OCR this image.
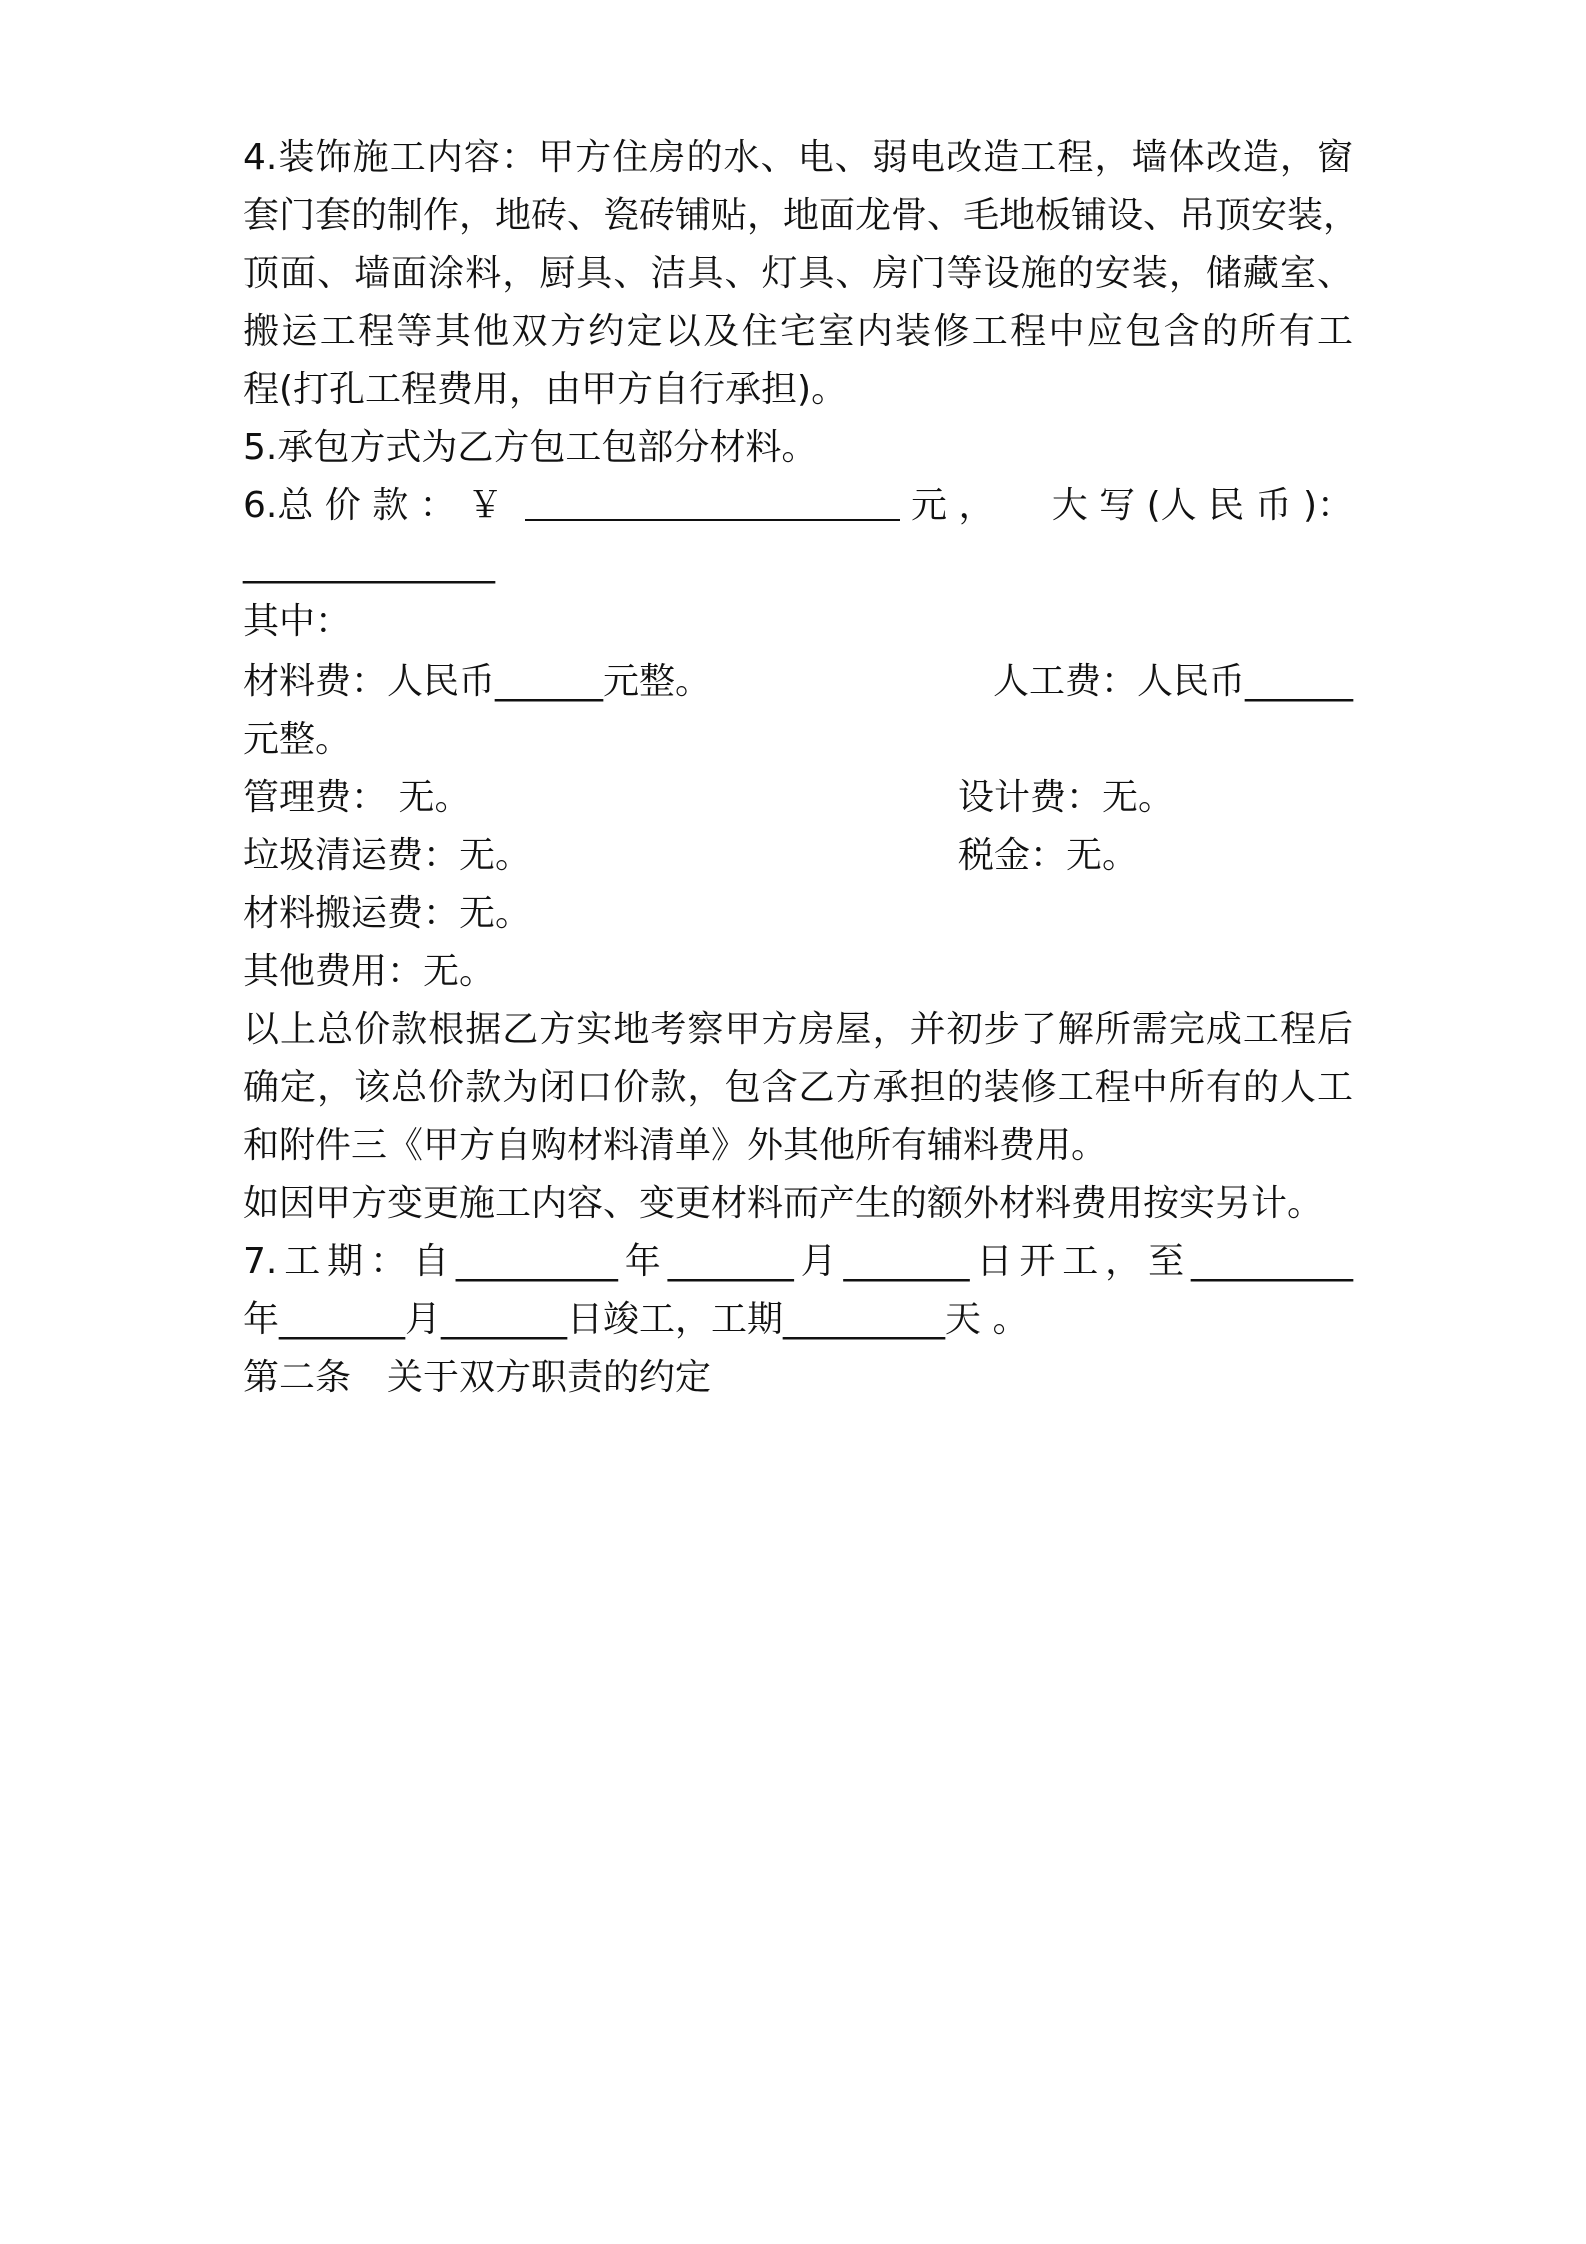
4.装饰施工内容：甲方住房的水、电、弱电改造工程，墙体改造，窗
套门套的制作，地砖、瓷砖铺贴，地面龙骨、毛地板铺设、吊顶安装，
顶面、墙面涂料，厨具、洁具、灯具、房门等设施的安装，储藏室、
搬运工程等其他双方约定以及住宅室内装修工程中应包含的所有工
程(打孔工程费用，由甲方自行承担)。
5.承包方式为乙方包工包部分材料。
6.总 价 款 ： ￥	元 ， 大 写 (人 民 币 )：
______________
其中：
材料费：人民币______元整。	人工费：人民币______
元整。
管理费： 无。	设计费：无。
垃圾清运费：无。	税金：无。
材料搬运费：无。
其他费用：无。
以上总价款根据乙方实地考察甲方房屋，并初步了解所需完成工程后
确定，该总价款为闭口价款，包含乙方承担的装修工程中所有的人工
和附件三《甲方自购材料清单》外其他所有辅料费用。
如因甲方变更施工内容、变更材料而产生的额外材料费用按实另计。
7.工期：自_________年_______月_______日开工，至_________
年_______月_______日竣工，工期_________天 。
第二条　关于双方职责的约定
